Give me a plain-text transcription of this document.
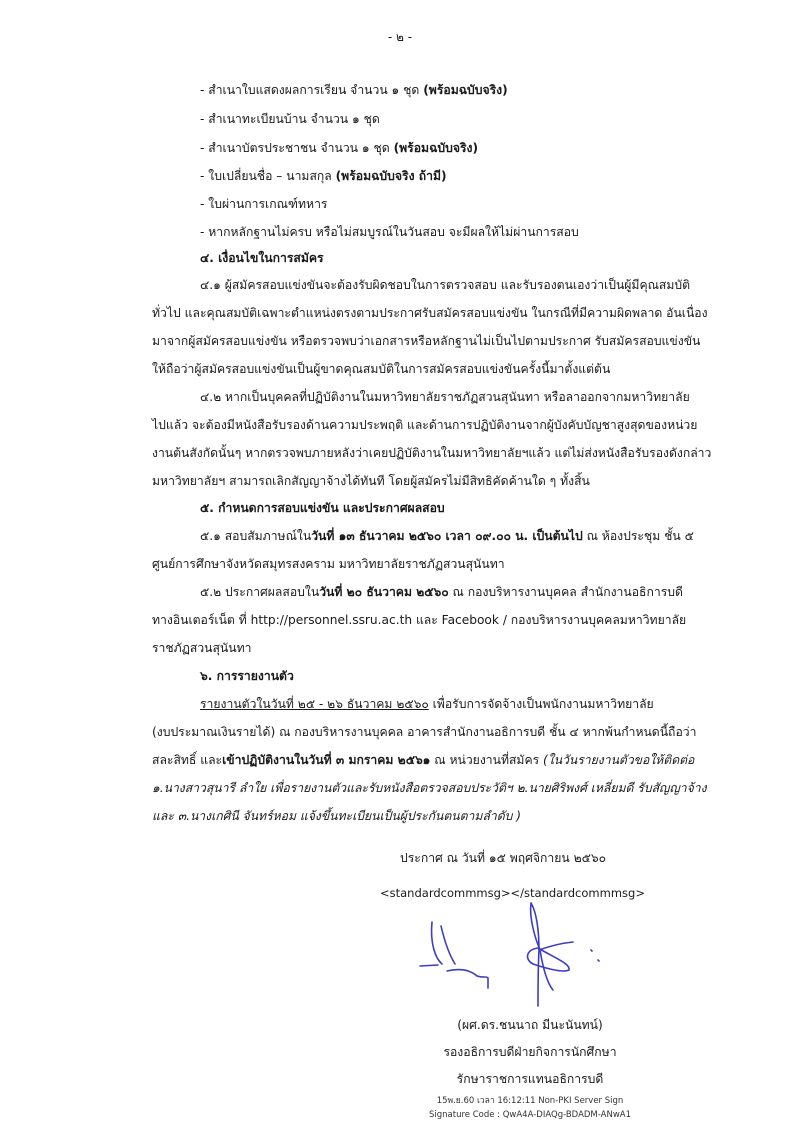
- ๒ -
- สำเนาใบแสดงผลการเรียน จำนวน ๑ ชุด (พร้อมฉบับจริง)
- สำเนาทะเบียนบ้าน จำนวน ๑ ชุด
- สำเนาบัตรประชาชน จำนวน ๑ ชุด (พร้อมฉบับจริง)
- ใบเปลี่ยนชื่อ – นามสกุล (พร้อมฉบับจริง ถ้ามี)
- ใบผ่านการเกณฑ์ทหาร
- หากหลักฐานไม่ครบ หรือไม่สมบูรณ์ในวันสอบ จะมีผลให้ไม่ผ่านการสอบ
๔. เงื่อนไขในการสมัคร
๔.๑ ผู้สมัครสอบแข่งขันจะต้องรับผิดชอบในการตรวจสอบ และรับรองตนเองว่าเป็นผู้มีคุณสมบัติ
ทั่วไป และคุณสมบัติเฉพาะตำแหน่งตรงตามประกาศรับสมัครสอบแข่งขัน ในกรณีที่มีความผิดพลาด อันเนื่อง
มาจากผู้สมัครสอบแข่งขัน หรือตรวจพบว่าเอกสารหรือหลักฐานไม่เป็นไปตามประกาศ รับสมัครสอบแข่งขัน
ให้ถือว่าผู้สมัครสอบแข่งขันเป็นผู้ขาดคุณสมบัติในการสมัครสอบแข่งขันครั้งนี้มาตั้งแต่ต้น
๔.๒ หากเป็นบุคคลที่ปฏิบัติงานในมหาวิทยาลัยราชภัฏสวนสุนันทา หรือลาออกจากมหาวิทยาลัย
ไปแล้ว จะต้องมีหนังสือรับรองด้านความประพฤติ และด้านการปฏิบัติงานจากผู้บังคับบัญชาสูงสุดของหน่วย
งานต้นสังกัดนั้นๆ หากตรวจพบภายหลังว่าเคยปฏิบัติงานในมหาวิทยาลัยฯแล้ว แต่ไม่ส่งหนังสือรับรองดังกล่าว
มหาวิทยาลัยฯ สามารถเลิกสัญญาจ้างได้ทันที โดยผู้สมัครไม่มีสิทธิคัดค้านใด ๆ ทั้งสิ้น
๕. กำหนดการสอบแข่งขัน และประกาศผลสอบ
๕.๑ สอบสัมภาษณ์ในวันที่ ๑๓ ธันวาคม ๒๕๖๐ เวลา ๐๙.๐๐ น. เป็นต้นไป ณ ห้องประชุม ชั้น ๕
ศูนย์การศึกษาจังหวัดสมุทรสงคราม มหาวิทยาลัยราชภัฏสวนสุนันทา
๕.๒ ประกาศผลสอบในวันที่ ๒๐ ธันวาคม ๒๕๖๐ ณ กองบริหารงานบุคคล สำนักงานอธิการบดี
ทางอินเตอร์เน็ต ที่ http://personnel.ssru.ac.th และ Facebook / กองบริหารงานบุคคลมหาวิทยาลัย
ราชภัฏสวนสุนันทา
๖. การรายงานตัว
รายงานตัวในวันที่ ๒๕ - ๒๖ ธันวาคม ๒๕๖๐ เพื่อรับการจัดจ้างเป็นพนักงานมหาวิทยาลัย
(งบประมาณเงินรายได้) ณ กองบริหารงานบุคคล อาคารสำนักงานอธิการบดี ชั้น ๔ หากพ้นกำหนดนี้ถือว่า
สละสิทธิ์ และเข้าปฏิบัติงานในวันที่ ๓ มกราคม ๒๕๖๑ ณ หน่วยงานที่สมัคร (ในวันรายงานตัวขอให้ติดต่อ
๑.นางสาวสุนารี ลำใย เพื่อรายงานตัวและรับหนังสือตรวจสอบประวัติฯ ๒.นายศิริพงศ์ เหลี่ยมดี รับสัญญาจ้าง
และ ๓.นางเกศินี จันทร์หอม แจ้งขึ้นทะเบียนเป็นผู้ประกันตนตามลำดับ )
ประกาศ ณ วันที่ ๑๕ พฤศจิกายน ๒๕๖๐
<standardcommmsg></standardcommmsg>
(ผศ.ดร.ชนนาถ มีนะนันทน์)
รองอธิการบดีฝ่ายกิจการนักศึกษา
รักษาราชการแทนอธิการบดี
15พ.ย.60 เวลา 16:12:11 Non-PKI Server Sign
Signature Code : QwA4A-DIAQg-BDADM-ANwA1
